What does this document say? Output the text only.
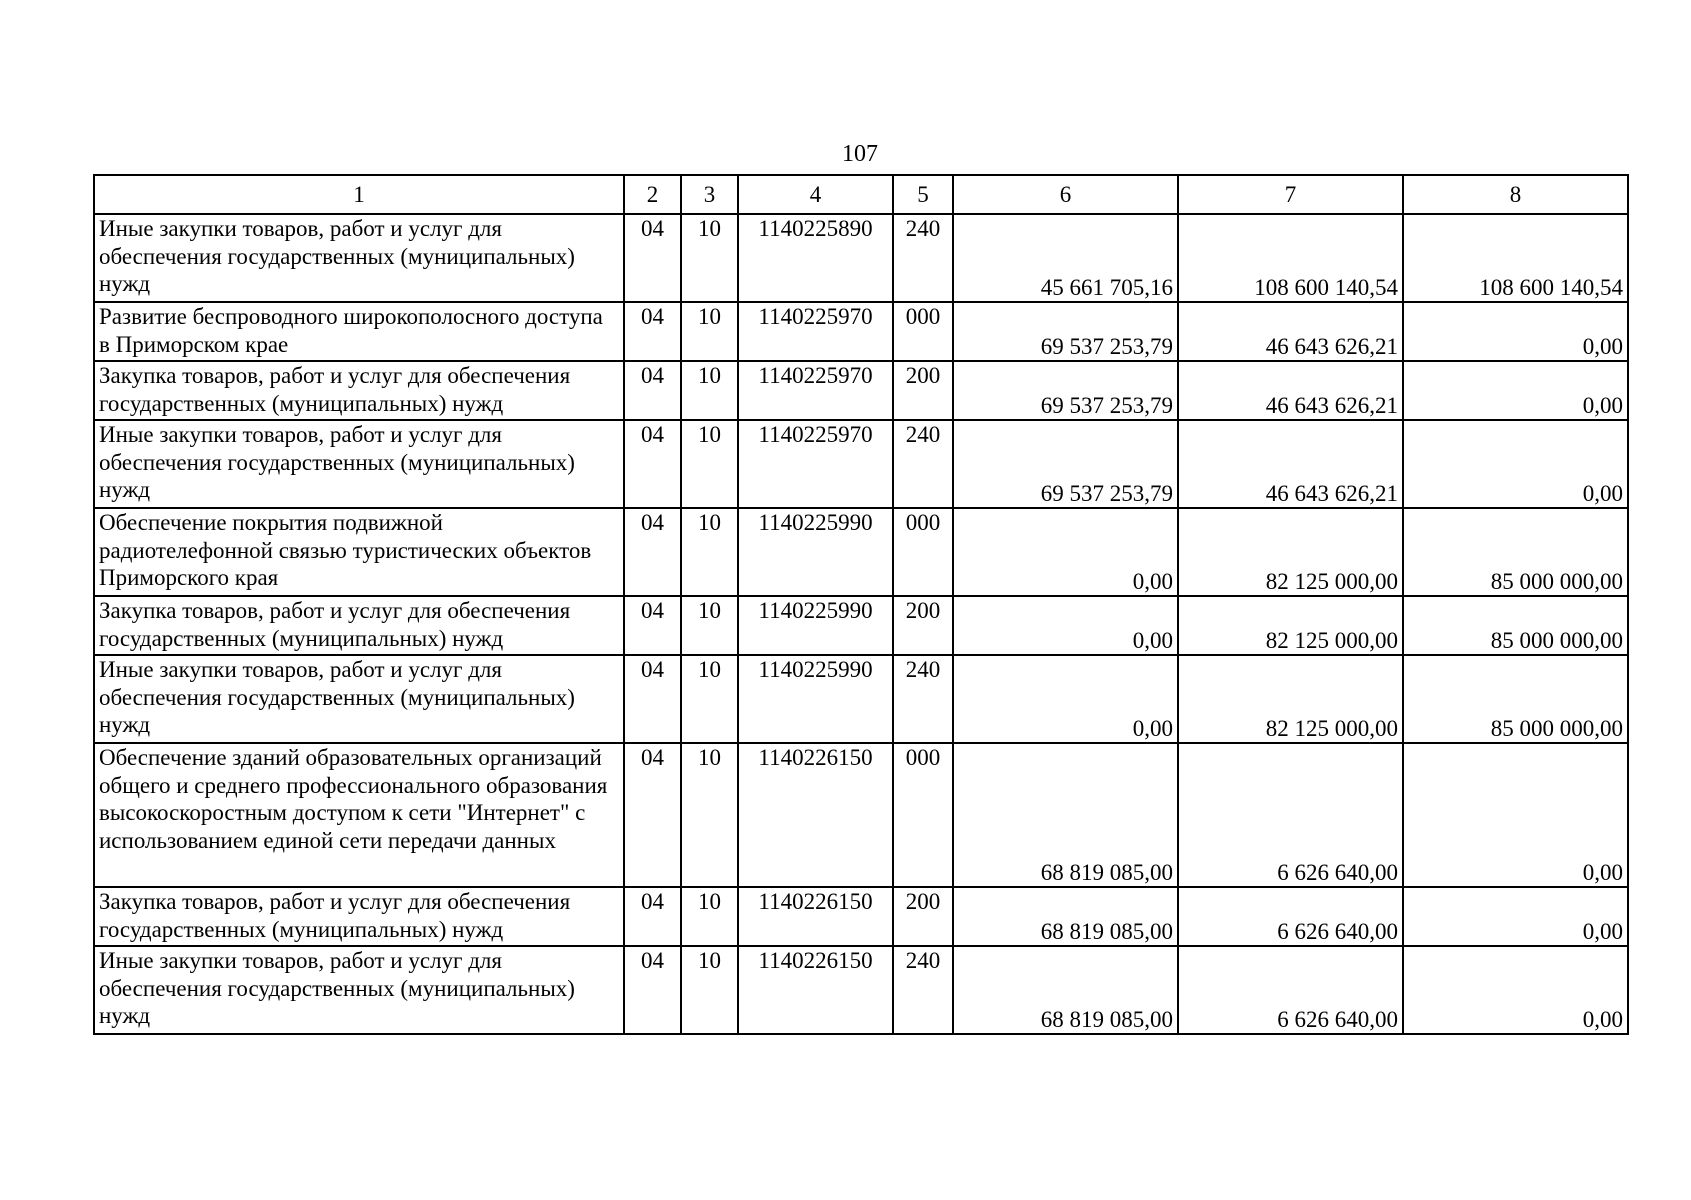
107
1	2	3	4	5	6	7	8
Иные закупки товаров, работ и услуг для обеспечения государственных (муниципальных) нужд	04	10	1140225890	240	45 661 705,16	108 600 140,54	108 600 140,54
Развитие беспроводного широкополосного доступа в Приморском крае	04	10	1140225970	000	69 537 253,79	46 643 626,21	0,00
Закупка товаров, работ и услуг для обеспечения государственных (муниципальных) нужд	04	10	1140225970	200	69 537 253,79	46 643 626,21	0,00
Иные закупки товаров, работ и услуг для обеспечения государственных (муниципальных) нужд	04	10	1140225970	240	69 537 253,79	46 643 626,21	0,00
Обеспечение покрытия подвижной радиотелефонной связью туристических объектов Приморского края	04	10	1140225990	000	0,00	82 125 000,00	85 000 000,00
Закупка товаров, работ и услуг для обеспечения государственных (муниципальных) нужд	04	10	1140225990	200	0,00	82 125 000,00	85 000 000,00
Иные закупки товаров, работ и услуг для обеспечения государственных (муниципальных) нужд	04	10	1140225990	240	0,00	82 125 000,00	85 000 000,00
Обеспечение зданий образовательных организаций общего и среднего профессионального образования высокоскоростным доступом к сети "Интернет" с использованием единой сети передачи данных	04	10	1140226150	000	68 819 085,00	6 626 640,00	0,00
Закупка товаров, работ и услуг для обеспечения государственных (муниципальных) нужд	04	10	1140226150	200	68 819 085,00	6 626 640,00	0,00
Иные закупки товаров, работ и услуг для обеспечения государственных (муниципальных) нужд	04	10	1140226150	240	68 819 085,00	6 626 640,00	0,00
